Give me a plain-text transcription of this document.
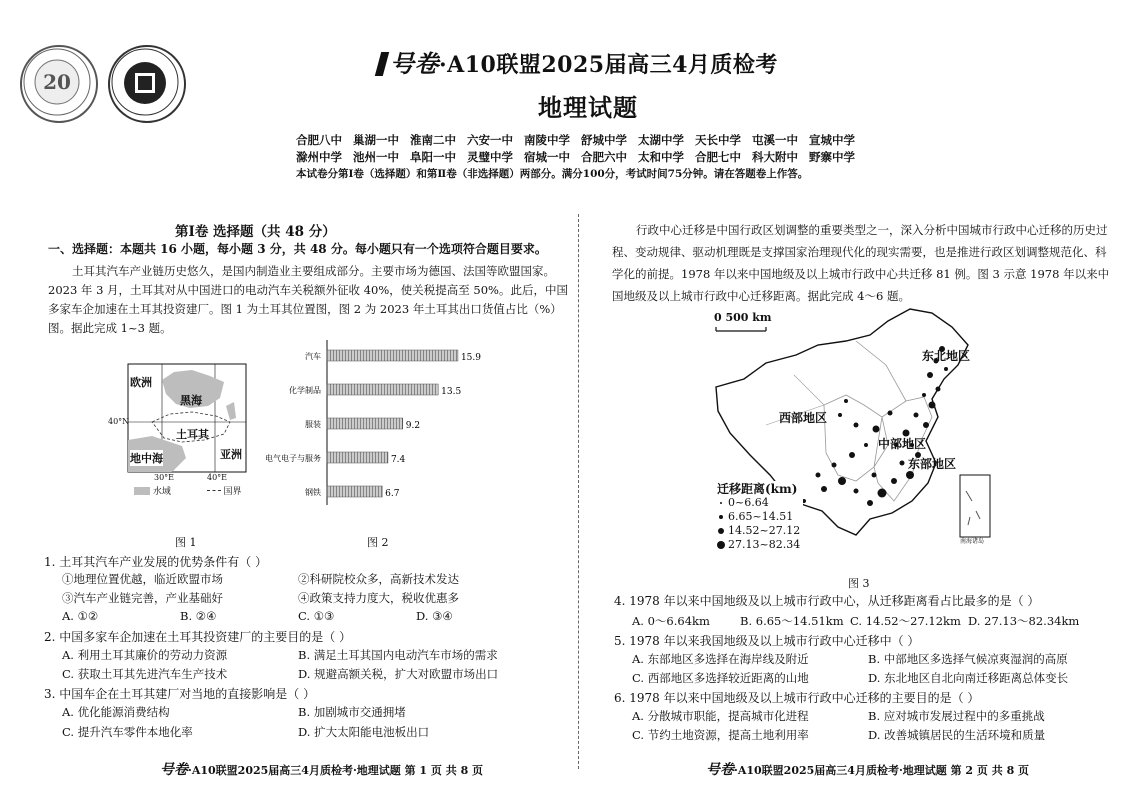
20
号卷·A10联盟2025届高三4月质检考
地理试题
合肥八中 巢湖一中 淮南二中 六安一中 南陵中学 舒城中学 太湖中学 天长中学 屯溪一中 宣城中学
滁州中学 池州一中 阜阳一中 灵璧中学 宿城一中 合肥六中 太和中学 合肥七中 科大附中 野寨中学
本试卷分第Ⅰ卷（选择题）和第Ⅱ卷（非选择题）两部分。满分100分，考试时间75分钟。请在答题卷上作答。
第Ⅰ卷 选择题（共 48 分）
一、选择题：本题共 16 小题，每小题 3 分，共 48 分。每小题只有一个选项符合题目要求。
土耳其汽车产业链历史悠久，是国内制造业主要组成部分。主要市场为德国、法国等欧盟国家。2023 年 3 月，土耳其对从中国进口的电动汽车关税额外征收 40%，使关税提高至 50%。此后，中国多家车企加速在土耳其投资建厂。图 1 为土耳其位置图，图 2 为 2023 年土耳其出口货值占比（%）图。据此完成 1~3 题。
欧洲
黑海
土耳其
地中海	亚洲
40°N
30°E	40°E
水域	国界
图 1
汽车	15.9
化学制品	13.5
服装	9.2
电气电子与服务	7.4
钢铁	6.7
图 2
1. 土耳其汽车产业发展的优势条件有（ ）
①地理位置优越，临近欧盟市场	②科研院校众多，高新技术发达
③汽车产业链完善，产业基础好	④政策支持力度大，税收优惠多
A. ①②	B. ②④	C. ①③	D. ③④
2. 中国多家车企加速在土耳其投资建厂的主要目的是（ ）
A. 利用土耳其廉价的劳动力资源	B. 满足土耳其国内电动汽车市场的需求
C. 获取土耳其先进汽车生产技术	D. 规避高额关税，扩大对欧盟市场出口
3. 中国车企在土耳其建厂对当地的直接影响是（ ）
A. 优化能源消费结构	B. 加剧城市交通拥堵
C. 提升汽车零件本地化率	D. 扩大太阳能电池板出口
号卷·A10联盟2025届高三4月质检考·地理试题 第 1 页 共 8 页
行政中心迁移是中国行政区划调整的重要类型之一，深入分析中国城市行政中心迁移的历史过程、变动规律、驱动机理既是支撑国家治理现代化的现实需要，也是推进行政区划调整规范化、科学化的前提。1978 年以来中国地级及以上城市行政中心共迁移 81 例。图 3 示意 1978 年以来中国地级及以上城市行政中心迁移距离。据此完成 4～6 题。
0 500 km
东北地区
西部地区
中部地区
东部地区
南海诸岛
迁移距离(km)
0~6.64
6.65~14.51
14.52~27.12
27.13~82.34
图 3
4. 1978 年以来中国地级及以上城市行政中心，从迁移距离看占比最多的是（ ）
A. 0～6.64km	B. 6.65～14.51km C. 14.52～27.12km D. 27.13～82.34km
5. 1978 年以来我国地级及以上城市行政中心迁移中（ ）
A. 东部地区多选择在海岸线及附近	B. 中部地区多选择气候凉爽湿润的高原
C. 西部地区多选择较近距离的山地	D. 东北地区自北向南迁移距离总体变长
6. 1978 年以来中国地级及以上城市行政中心迁移的主要目的是（ ）
A. 分散城市职能，提高城市化进程	B. 应对城市发展过程中的多重挑战
C. 节约土地资源，提高土地利用率	D. 改善城镇居民的生活环境和质量
号卷·A10联盟2025届高三4月质检考·地理试题 第 2 页 共 8 页
